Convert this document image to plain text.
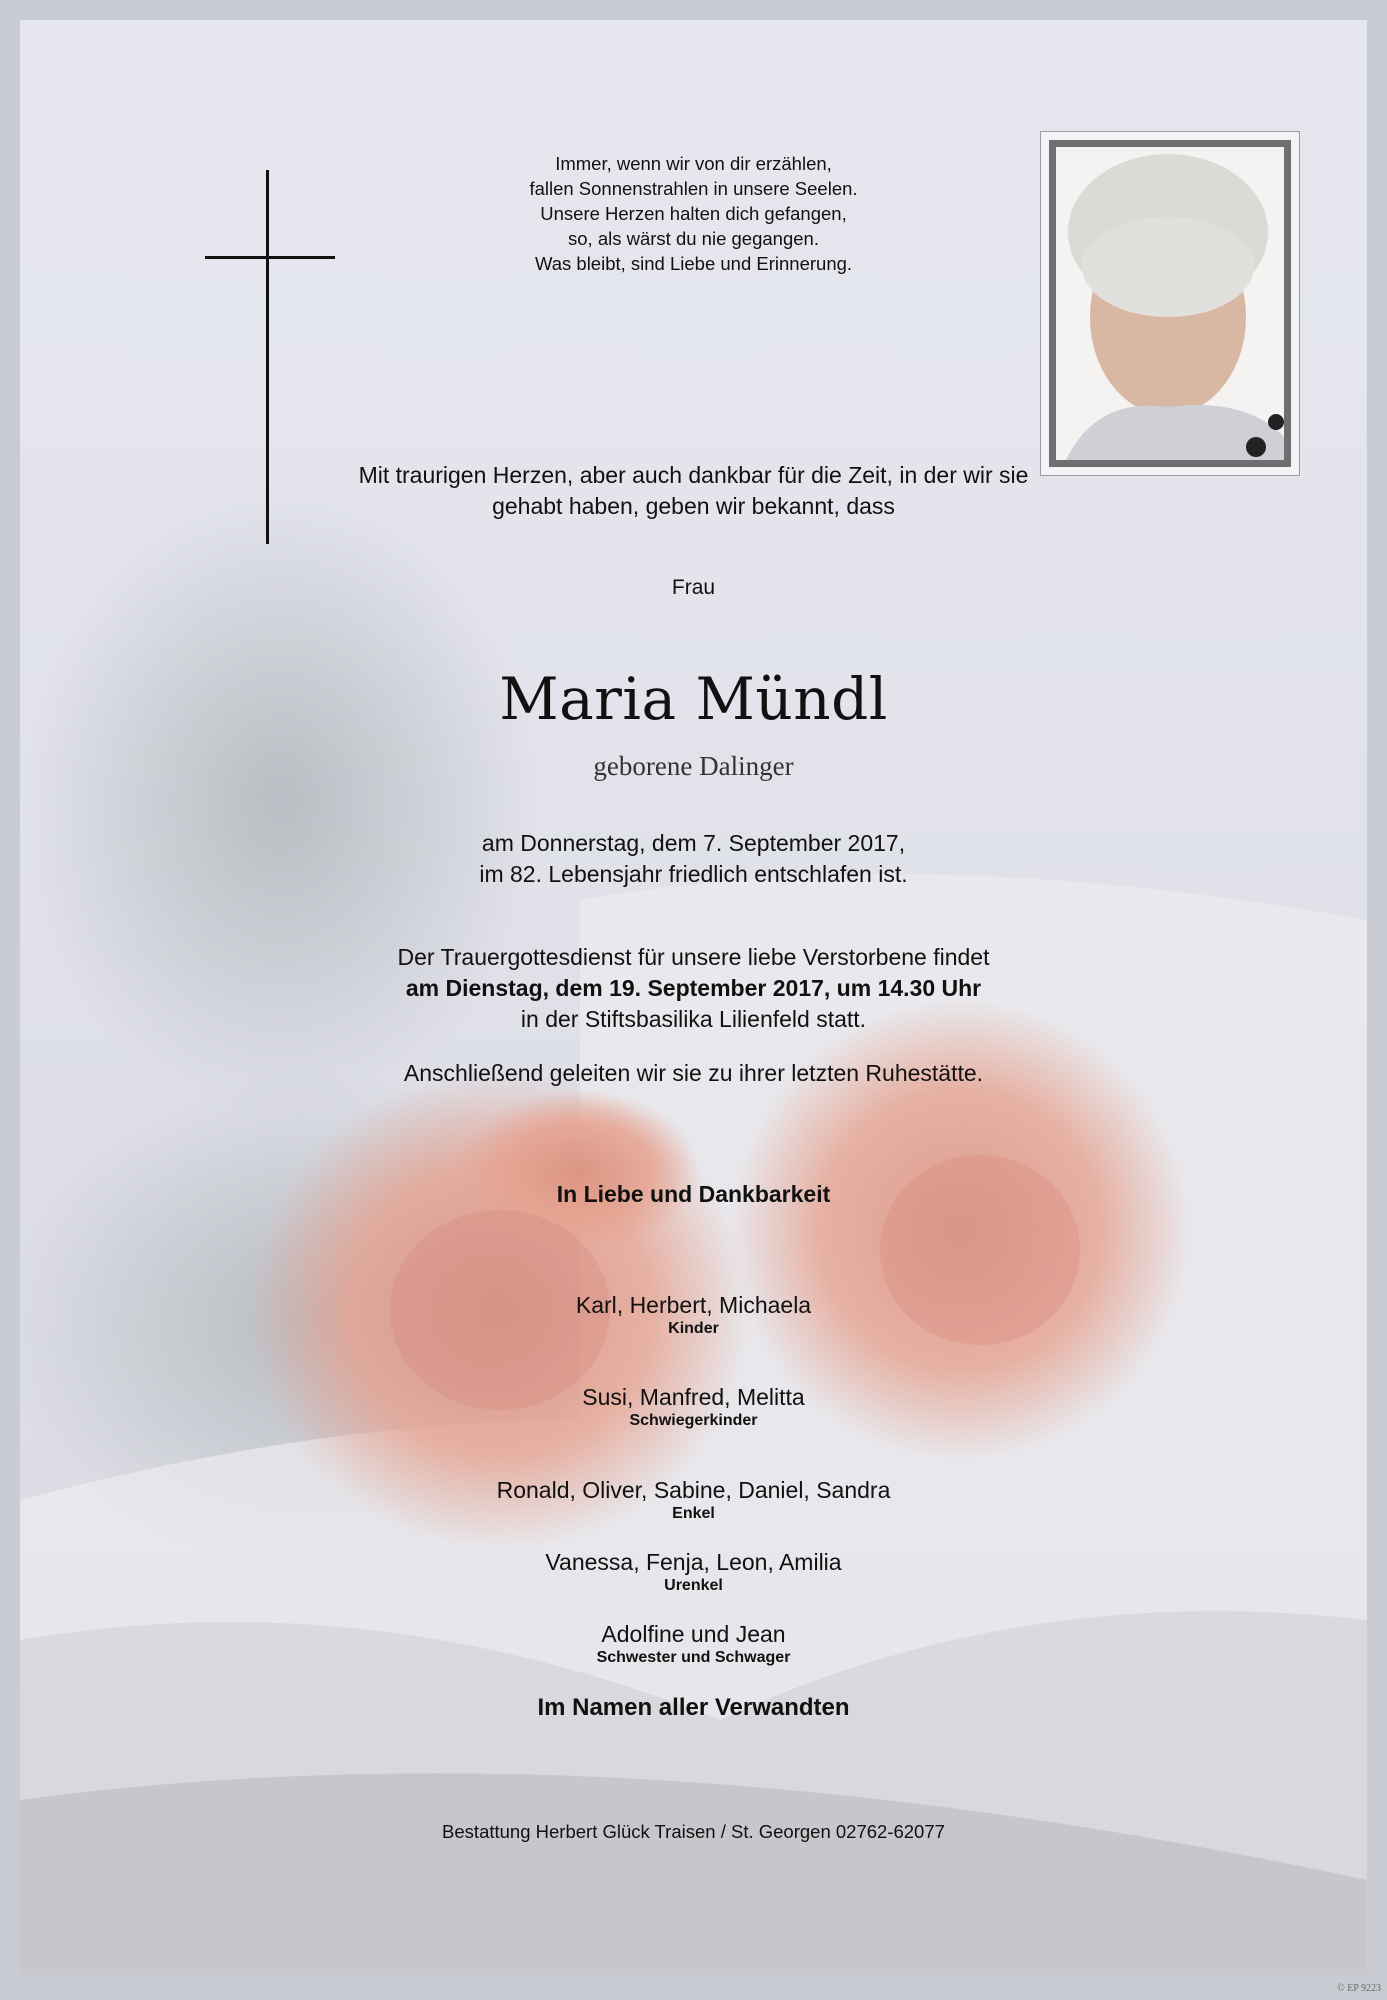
Immer, wenn wir von dir erzählen,
fallen Sonnenstrahlen in unsere Seelen.
Unsere Herzen halten dich gefangen,
so, als wärst du nie gegangen.
Was bleibt, sind Liebe und Erinnerung.
Mit traurigen Herzen, aber auch dankbar für die Zeit, in der wir sie
gehabt haben, geben wir bekannt, dass
Frau
Maria Mündl
geborene Dalinger
am Donnerstag, dem 7. September 2017,
im 82. Lebensjahr friedlich entschlafen ist.
Der Trauergottesdienst für unsere liebe Verstorbene findet
am Dienstag, dem 19. September 2017, um 14.30 Uhr
in der Stiftsbasilika Lilienfeld statt.
Anschließend geleiten wir sie zu ihrer letzten Ruhestätte.
In Liebe und Dankbarkeit
Karl, Herbert, Michaela
Kinder
Susi, Manfred, Melitta
Schwiegerkinder
Ronald, Oliver, Sabine, Daniel, Sandra
Enkel
Vanessa, Fenja, Leon, Amilia
Urenkel
Adolfine und Jean
Schwester und Schwager
Im Namen aller Verwandten
Bestattung Herbert Glück Traisen / St. Georgen 02762-62077
© EP 9223
